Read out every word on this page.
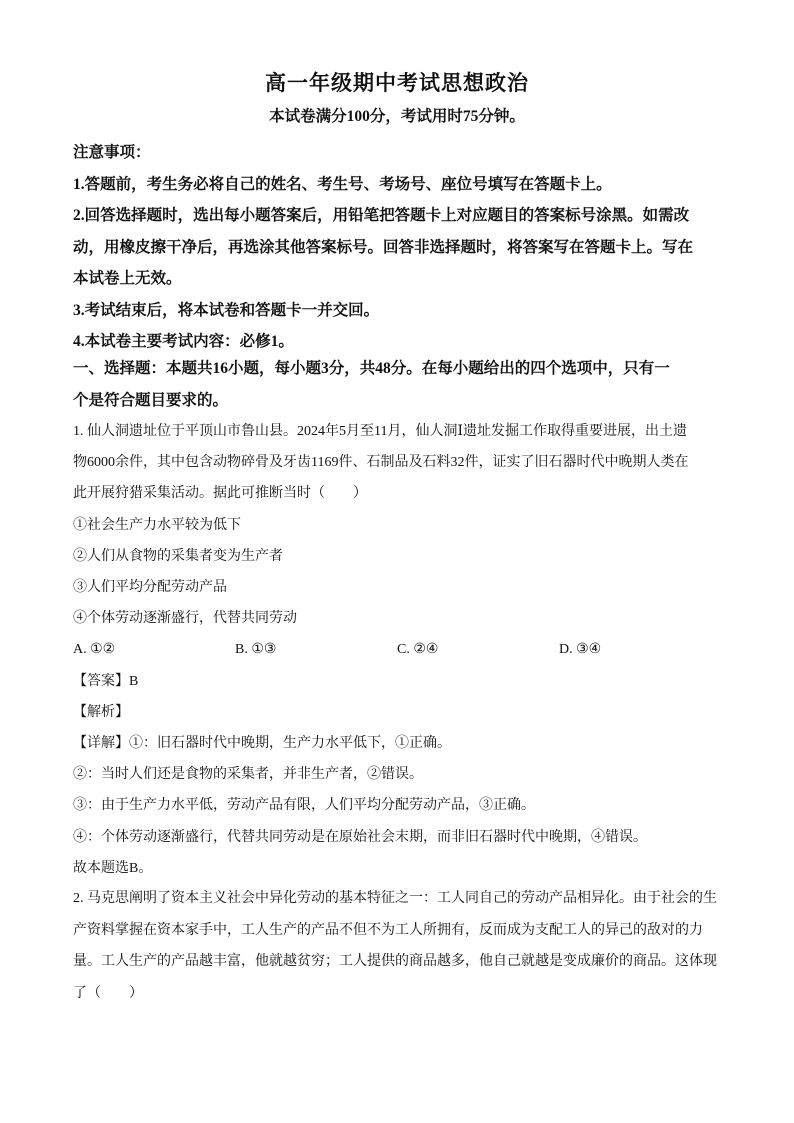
高一年级期中考试思想政治
本试卷满分100分，考试用时75分钟。

注意事项：

1.答题前，考生务必将自己的姓名、考生号、考场号、座位号填写在答题卡上。

2.回答选择题时，选出每小题答案后，用铅笔把答题卡上对应题目的答案标号涂黑。如需改

动，用橡皮擦干净后，再选涂其他答案标号。回答非选择题时，将答案写在答题卡上。写在

本试卷上无效。

3.考试结束后，将本试卷和答题卡一并交回。

4.本试卷主要考试内容：必修1。

一、选择题：本题共16小题，每小题3分，共48分。在每小题给出的四个选项中，只有一

个是符合题目要求的。

1. 仙人洞遗址位于平顶山市鲁山县。2024年5月至11月，仙人洞Ⅰ遗址发掘工作取得重要进展，出土遗

物6000余件，其中包含动物碎骨及牙齿1169件、石制品及石料32件，证实了旧石器时代中晚期人类在

此开展狩猎采集活动。据此可推断当时（　　）

①社会生产力水平较为低下

②人们从食物的采集者变为生产者

③人们平均分配劳动产品

④个体劳动逐渐盛行，代替共同劳动

A. ①②	B. ①③	C. ②④	D. ③④

【答案】B

【解析】

【详解】①：旧石器时代中晚期，生产力水平低下，①正确。

②：当时人们还是食物的采集者，并非生产者，②错误。

③：由于生产力水平低，劳动产品有限，人们平均分配劳动产品，③正确。

④：个体劳动逐渐盛行，代替共同劳动是在原始社会末期，而非旧石器时代中晚期，④错误。

故本题选B。

2. 马克思阐明了资本主义社会中异化劳动的基本特征之一：工人同自己的劳动产品相异化。由于社会的生

产资料掌握在资本家手中，工人生产的产品不但不为工人所拥有，反而成为支配工人的异己的敌对的力

量。工人生产的产品越丰富，他就越贫穷；工人提供的商品越多，他自己就越是变成廉价的商品。这体现

了（　　）
